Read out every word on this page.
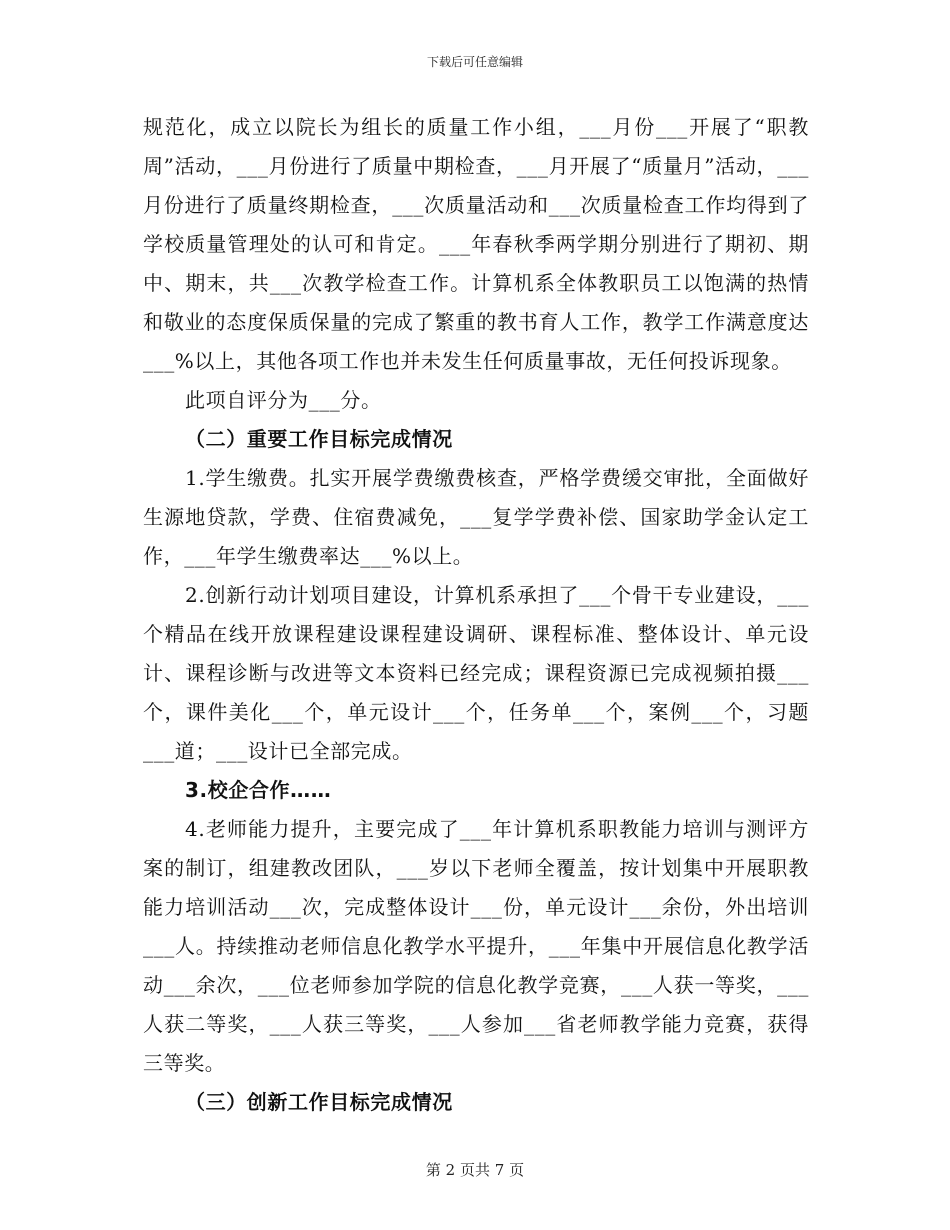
下载后可任意编辑

规范化，成立以院长为组长的质量工作小组，___月份___开展了“职教周”活动，___月份进行了质量中期检查，___月开展了“质量月”活动，___月份进行了质量终期检查，___次质量活动和___次质量检查工作均得到了学校质量管理处的认可和肯定。___年春秋季两学期分别进行了期初、期中、期末，共___次教学检查工作。计算机系全体教职员工以饱满的热情和敬业的态度保质保量的完成了繁重的教书育人工作，教学工作满意度达___%以上，其他各项工作也并未发生任何质量事故，无任何投诉现象。

此项自评分为___分。

（二）重要工作目标完成情况

1.学生缴费。扎实开展学费缴费核查，严格学费缓交审批，全面做好生源地贷款，学费、住宿费减免，___复学学费补偿、国家助学金认定工作，___年学生缴费率达___%以上。

2.创新行动计划项目建设，计算机系承担了___个骨干专业建设，___个精品在线开放课程建设课程建设调研、课程标准、整体设计、单元设计、课程诊断与改进等文本资料已经完成；课程资源已完成视频拍摄___个，课件美化___个，单元设计___个，任务单___个，案例___个，习题___道；___设计已全部完成。

3.校企合作……

4.老师能力提升，主要完成了___年计算机系职教能力培训与测评方案的制订，组建教改团队，___岁以下老师全覆盖，按计划集中开展职教能力培训活动___次，完成整体设计___份，单元设计___余份，外出培训___人。持续推动老师信息化教学水平提升，___年集中开展信息化教学活动___余次，___位老师参加学院的信息化教学竞赛，___人获一等奖，___人获二等奖，___人获三等奖，___人参加___省老师教学能力竞赛，获得三等奖。

（三）创新工作目标完成情况

第 2 页共 7 页
